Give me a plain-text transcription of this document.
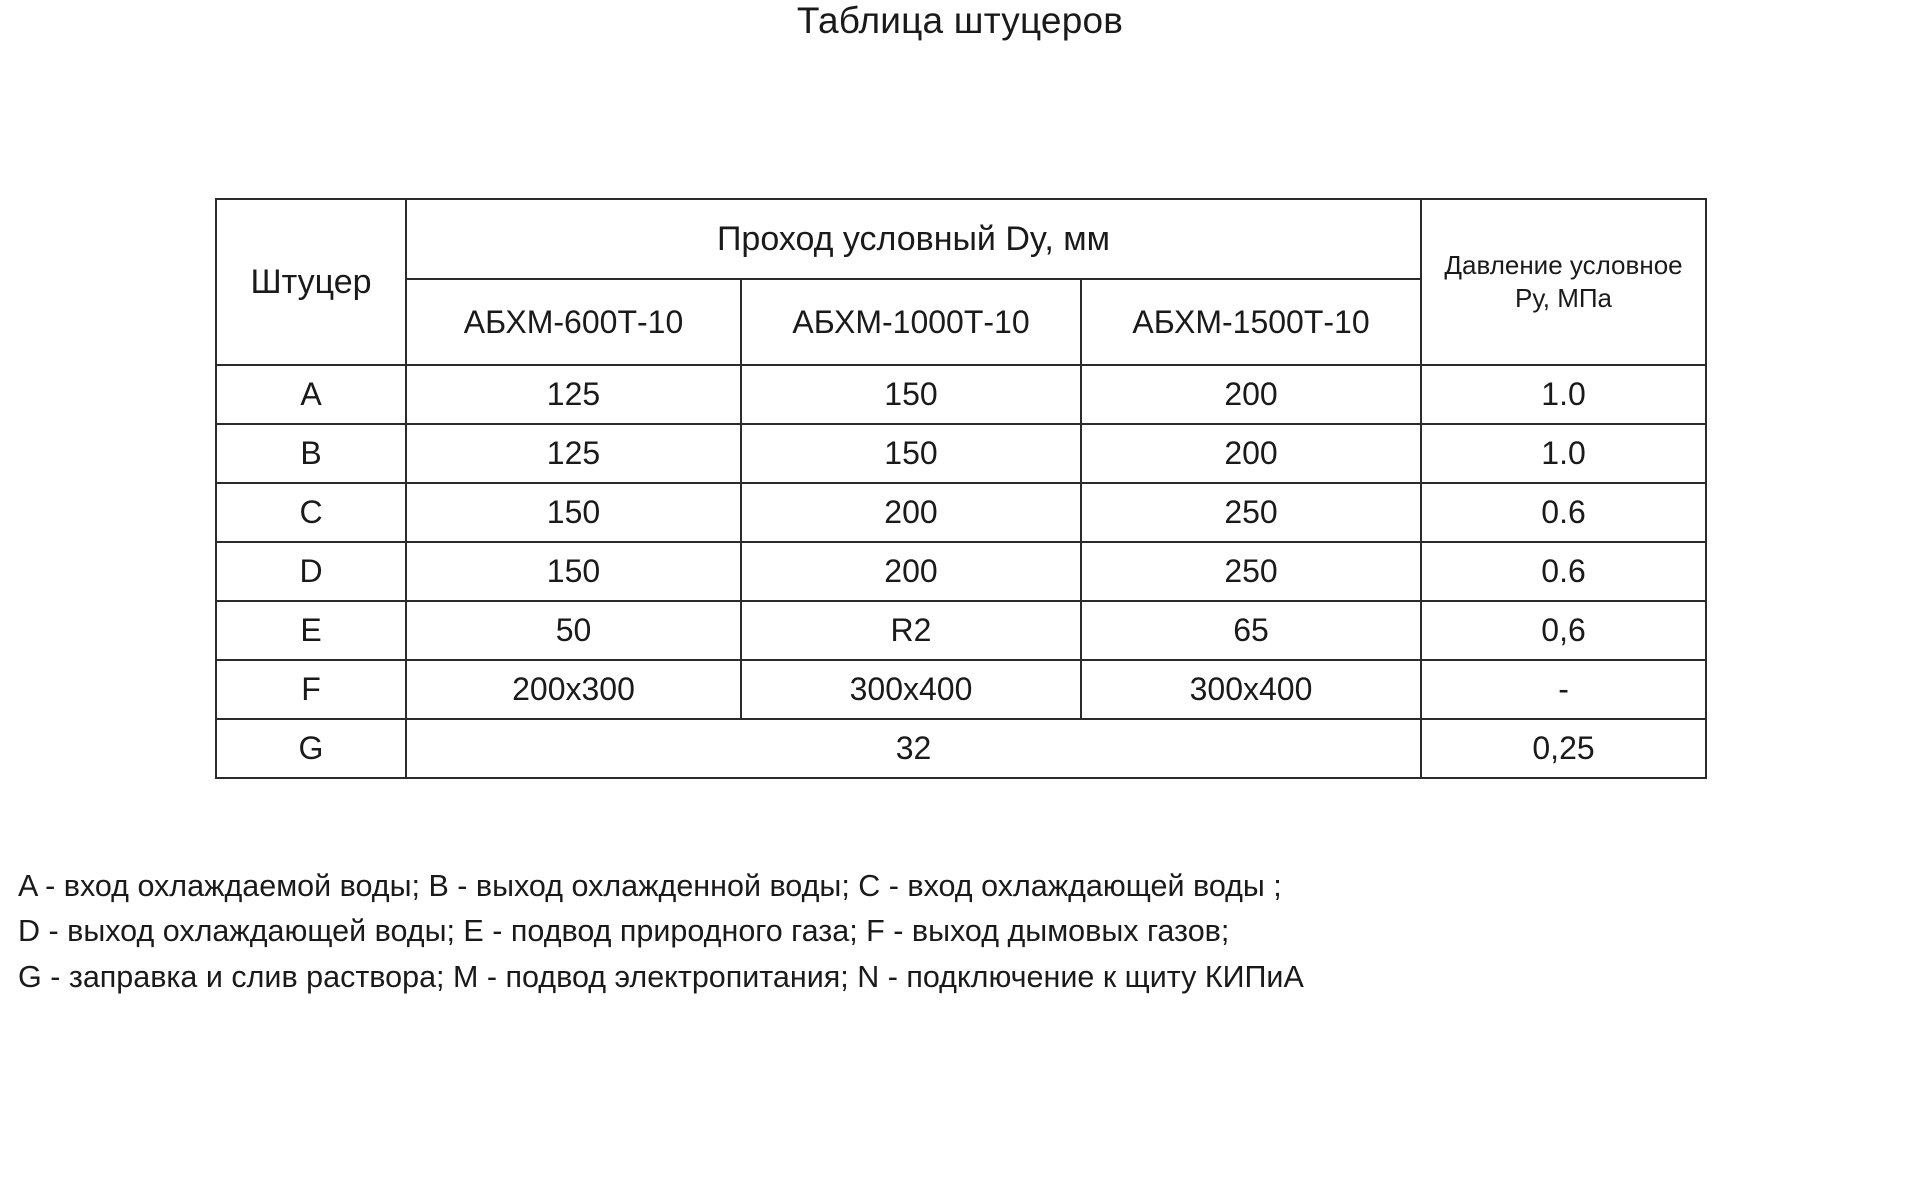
Таблица штуцеров
Штуцер	Проход условный Dy, мм			Давление условное
Ру, МПа
	АБХМ-600Т-10	АБХМ-1000Т-10	АБХМ-1500Т-10	
A	125	150	200	1.0
B	125	150	200	1.0
C	150	200	250	0.6
D	150	200	250	0.6
E	50	R2	65	0,6
F	200x300	300x400	300x400	-
G	32			0,25
A - вход охлаждаемой воды; B - выход охлажденной воды; C - вход охлаждающей воды ;
D - выход охлаждающей воды; E - подвод природного газа; F - выход дымовых газов;
G - заправка и слив раствора; M - подвод электропитания; N - подключение к щиту КИПиА
